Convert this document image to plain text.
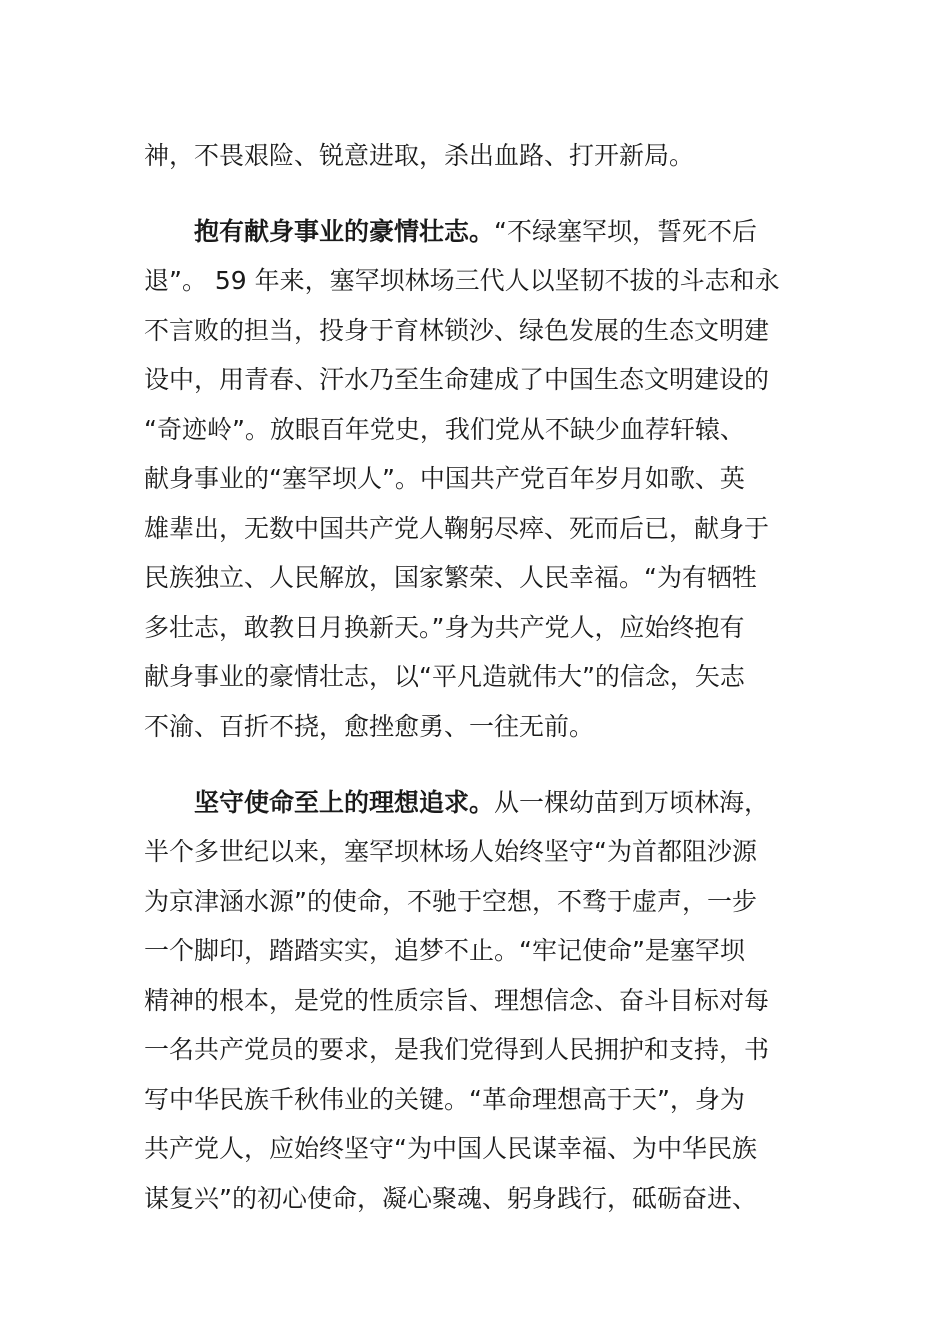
神，不畏艰险、锐意进取，杀出血路、打开新局。
抱有献身事业的豪情壮志。“不绿塞罕坝，誓死不后
退”。 59 年来，塞罕坝林场三代人以坚韧不拔的斗志和永
不言败的担当，投身于育林锁沙、绿色发展的生态文明建
设中，用青春、汗水乃至生命建成了中国生态文明建设的
“奇迹岭”。放眼百年党史，我们党从不缺少血荐轩辕、
献身事业的“塞罕坝人”。中国共产党百年岁月如歌、英
雄辈出，无数中国共产党人鞠躬尽瘁、死而后已，献身于
民族独立、人民解放，国家繁荣、人民幸福。“为有牺牲
多壮志，敢教日月换新天。”身为共产党人，应始终抱有
献身事业的豪情壮志，以“平凡造就伟大”的信念，矢志
不渝、百折不挠，愈挫愈勇、一往无前。
坚守使命至上的理想追求。从一棵幼苗到万顷林海，
半个多世纪以来，塞罕坝林场人始终坚守“为首都阻沙源
为京津涵水源”的使命，不驰于空想，不骛于虚声，一步
一个脚印，踏踏实实，追梦不止。“牢记使命”是塞罕坝
精神的根本，是党的性质宗旨、理想信念、奋斗目标对每
一名共产党员的要求，是我们党得到人民拥护和支持，书
写中华民族千秋伟业的关键。“革命理想高于天”，身为
共产党人，应始终坚守“为中国人民谋幸福、为中华民族
谋复兴”的初心使命，凝心聚魂、躬身践行，砥砺奋进、
